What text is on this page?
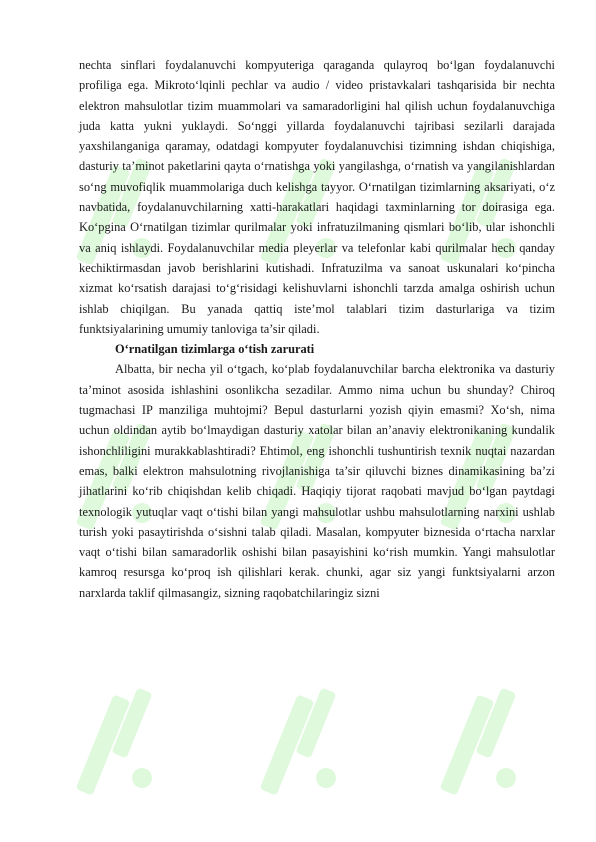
nechta sinflari foydalanuvchi kompyuteriga qaraganda qulayroq bo‘lgan foydalanuvchi profiliga ega. Mikroto‘lqinli pechlar va audio / video pristavkalari tashqarisida bir nechta elektron mahsulotlar tizim muammolari va samaradorligini hal qilish uchun foydalanuvchiga juda katta yukni yuklaydi. So‘nggi yillarda foydalanuvchi tajribasi sezilarli darajada yaxshilanganiga qaramay, odatdagi kompyuter foydalanuvchisi tizimning ishdan chiqishiga, dasturiy ta’minot paketlarini qayta o‘rnatishga yoki yangilashga, o‘rnatish va yangilanishlardan so‘ng muvofiqlik muammolariga duch kelishga tayyor. O‘rnatilgan tizimlarning aksariyati, o‘z navbatida, foydalanuvchilarning xatti-harakatlari haqidagi taxminlarning tor doirasiga ega. Ko‘pgina O‘rnatilgan tizimlar qurilmalar yoki infratuzilmaning qismlari bo‘lib, ular ishonchli va aniq ishlaydi. Foydalanuvchilar media pleyerlar va telefonlar kabi qurilmalar hech qanday kechiktirmasdan javob berishlarini kutishadi. Infratuzilma va sanoat uskunalari ko‘pincha xizmat ko‘rsatish darajasi to‘g‘risidagi kelishuvlarni ishonchli tarzda amalga oshirish uchun ishlab chiqilgan. Bu yanada qattiq iste’mol talablari tizim dasturlariga va tizim funktsiyalarining umumiy tanloviga ta’sir qiladi.

O‘rnatilgan tizimlarga o‘tish zarurati

Albatta, bir necha yil o‘tgach, ko‘plab foydalanuvchilar barcha elektronika va dasturiy ta’minot asosida ishlashini osonlikcha sezadilar. Ammo nima uchun bu shunday? Chiroq tugmachasi IP manziliga muhtojmi? Bepul dasturlarni yozish qiyin emasmi? Xo‘sh, nima uchun oldindan aytib bo‘lmaydigan dasturiy xatolar bilan an’anaviy elektronikaning kundalik ishonchliligini murakkablashtiradi? Ehtimol, eng ishonchli tushuntirish texnik nuqtai nazardan emas, balki elektron mahsulotning rivojlanishiga ta’sir qiluvchi biznes dinamikasining ba’zi jihatlarini ko‘rib chiqishdan kelib chiqadi. Haqiqiy tijorat raqobati mavjud bo‘lgan paytdagi texnologik yutuqlar vaqt o‘tishi bilan yangi mahsulotlar ushbu mahsulotlarning narxini ushlab turish yoki pasaytirishda o‘sishni talab qiladi. Masalan, kompyuter biznesida o‘rtacha narxlar vaqt o‘tishi bilan samaradorlik oshishi bilan pasayishini ko‘rish mumkin. Yangi mahsulotlar kamroq resursga ko‘proq ish qilishlari kerak. chunki, agar siz yangi funktsiyalarni arzon narxlarda taklif qilmasangiz, sizning raqobatchilaringiz sizni
